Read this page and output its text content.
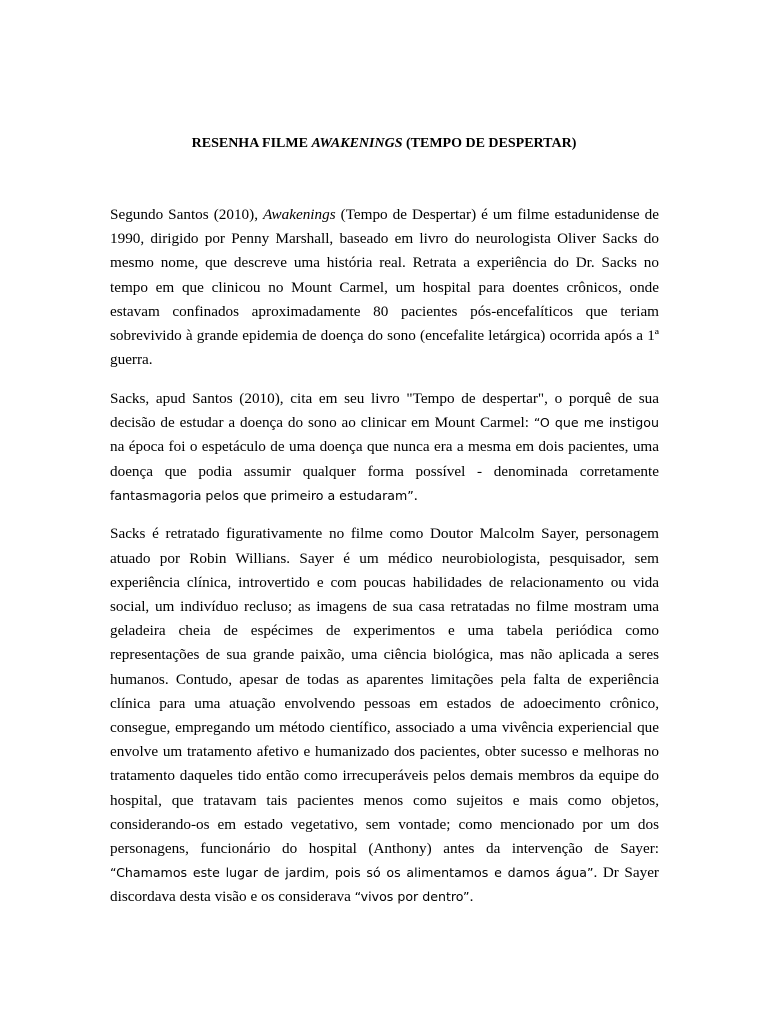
RESENHA FILME AWAKENINGS (TEMPO DE DESPERTAR)

Segundo Santos (2010), Awakenings (Tempo de Despertar) é um filme estadunidense de 1990, dirigido por Penny Marshall, baseado em livro do neurologista Oliver Sacks do mesmo nome, que descreve uma história real. Retrata a experiência do Dr. Sacks no tempo em que clinicou no Mount Carmel, um hospital para doentes crônicos, onde estavam confinados aproximadamente 80 pacientes pós-encefalíticos que teriam sobrevivido à grande epidemia de doença do sono (encefalite letárgica) ocorrida após a 1ª guerra.

Sacks, apud Santos (2010), cita em seu livro "Tempo de despertar", o porquê de sua decisão de estudar a doença do sono ao clinicar em Mount Carmel: “O que me instigou na época foi o espetáculo de uma doença que nunca era a mesma em dois pacientes, uma doença que podia assumir qualquer forma possível - denominada corretamente fantasmagoria pelos que primeiro a estudaram”.

Sacks é retratado figurativamente no filme como Doutor Malcolm Sayer, personagem atuado por Robin Willians. Sayer é um médico neurobiologista, pesquisador, sem experiência clínica, introvertido e com poucas habilidades de relacionamento ou vida social, um indivíduo recluso; as imagens de sua casa retratadas no filme mostram uma geladeira cheia de espécimes de experimentos e uma tabela periódica como representações de sua grande paixão, uma ciência biológica, mas não aplicada a seres humanos. Contudo, apesar de todas as aparentes limitações pela falta de experiência clínica para uma atuação envolvendo pessoas em estados de adoecimento crônico, consegue, empregando um método científico, associado a uma vivência experiencial que envolve um tratamento afetivo e humanizado dos pacientes, obter sucesso e melhoras no tratamento daqueles tido então como irrecuperáveis pelos demais membros da equipe do hospital, que tratavam tais pacientes menos como sujeitos e mais como objetos, considerando-os em estado vegetativo, sem vontade; como mencionado por um dos personagens, funcionário do hospital (Anthony) antes da intervenção de Sayer: “Chamamos este lugar de jardim, pois só os alimentamos e damos água”. Dr Sayer discordava desta visão e os considerava “vivos por dentro”.
